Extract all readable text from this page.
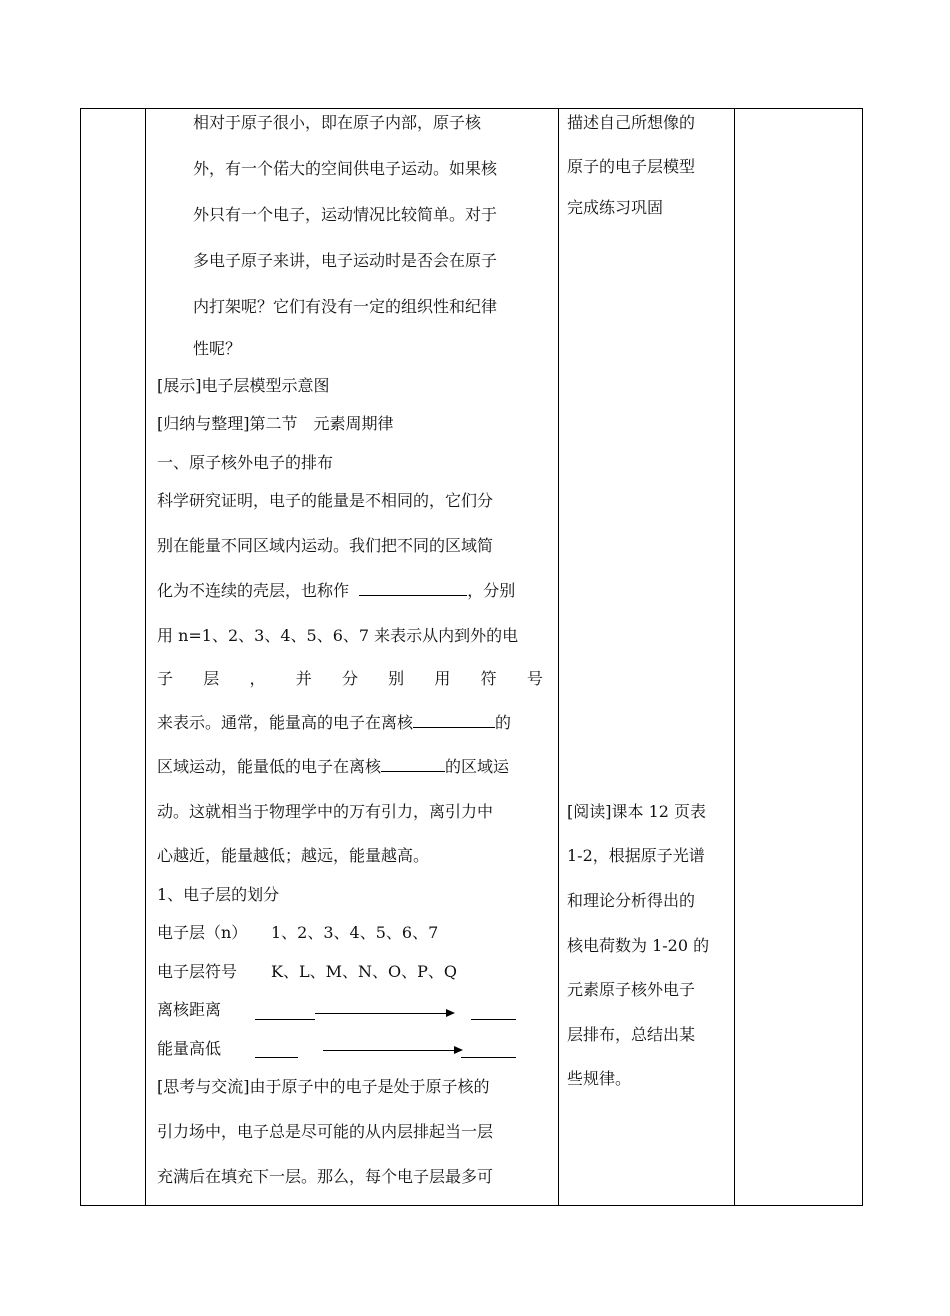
相对于原子很小，即在原子内部，原子核
外，有一个偌大的空间供电子运动。如果核
外只有一个电子，运动情况比较简单。对于
多电子原子来讲，电子运动时是否会在原子
内打架呢？它们有没有一定的组织性和纪律
性呢？
[展示]电子层模型示意图
[归纳与整理]第二节　元素周期律
一、原子核外电子的排布
科学研究证明，电子的能量是不相同的，它们分
别在能量不同区域内运动。我们把不同的区域简
化为不连续的壳层，也称作	，分别
用 n=1、2、3、4、5、6、7 来表示从内到外的电
子 层 ， 并 分 别 用 符 号
来表示。通常，能量高的电子在离核	的
区域运动，能量低的电子在离核	的区域运
动。这就相当于物理学中的万有引力，离引力中
心越近，能量越低；越远，能量越高。
1、电子层的划分
电子层（n） 1、2、3、4、5、6、7
电子层符号 K、L、M、N、O、P、Q
离核距离
能量高低
[思考与交流]由于原子中的电子是处于原子核的
引力场中，电子总是尽可能的从内层排起当一层
充满后在填充下一层。那么，每个电子层最多可
描述自己所想像的
原子的电子层模型
完成练习巩固
[阅读]课本 12 页表
1-2，根据原子光谱
和理论分析得出的
核电荷数为 1-20 的
元素原子核外电子
层排布，总结出某
些规律。
